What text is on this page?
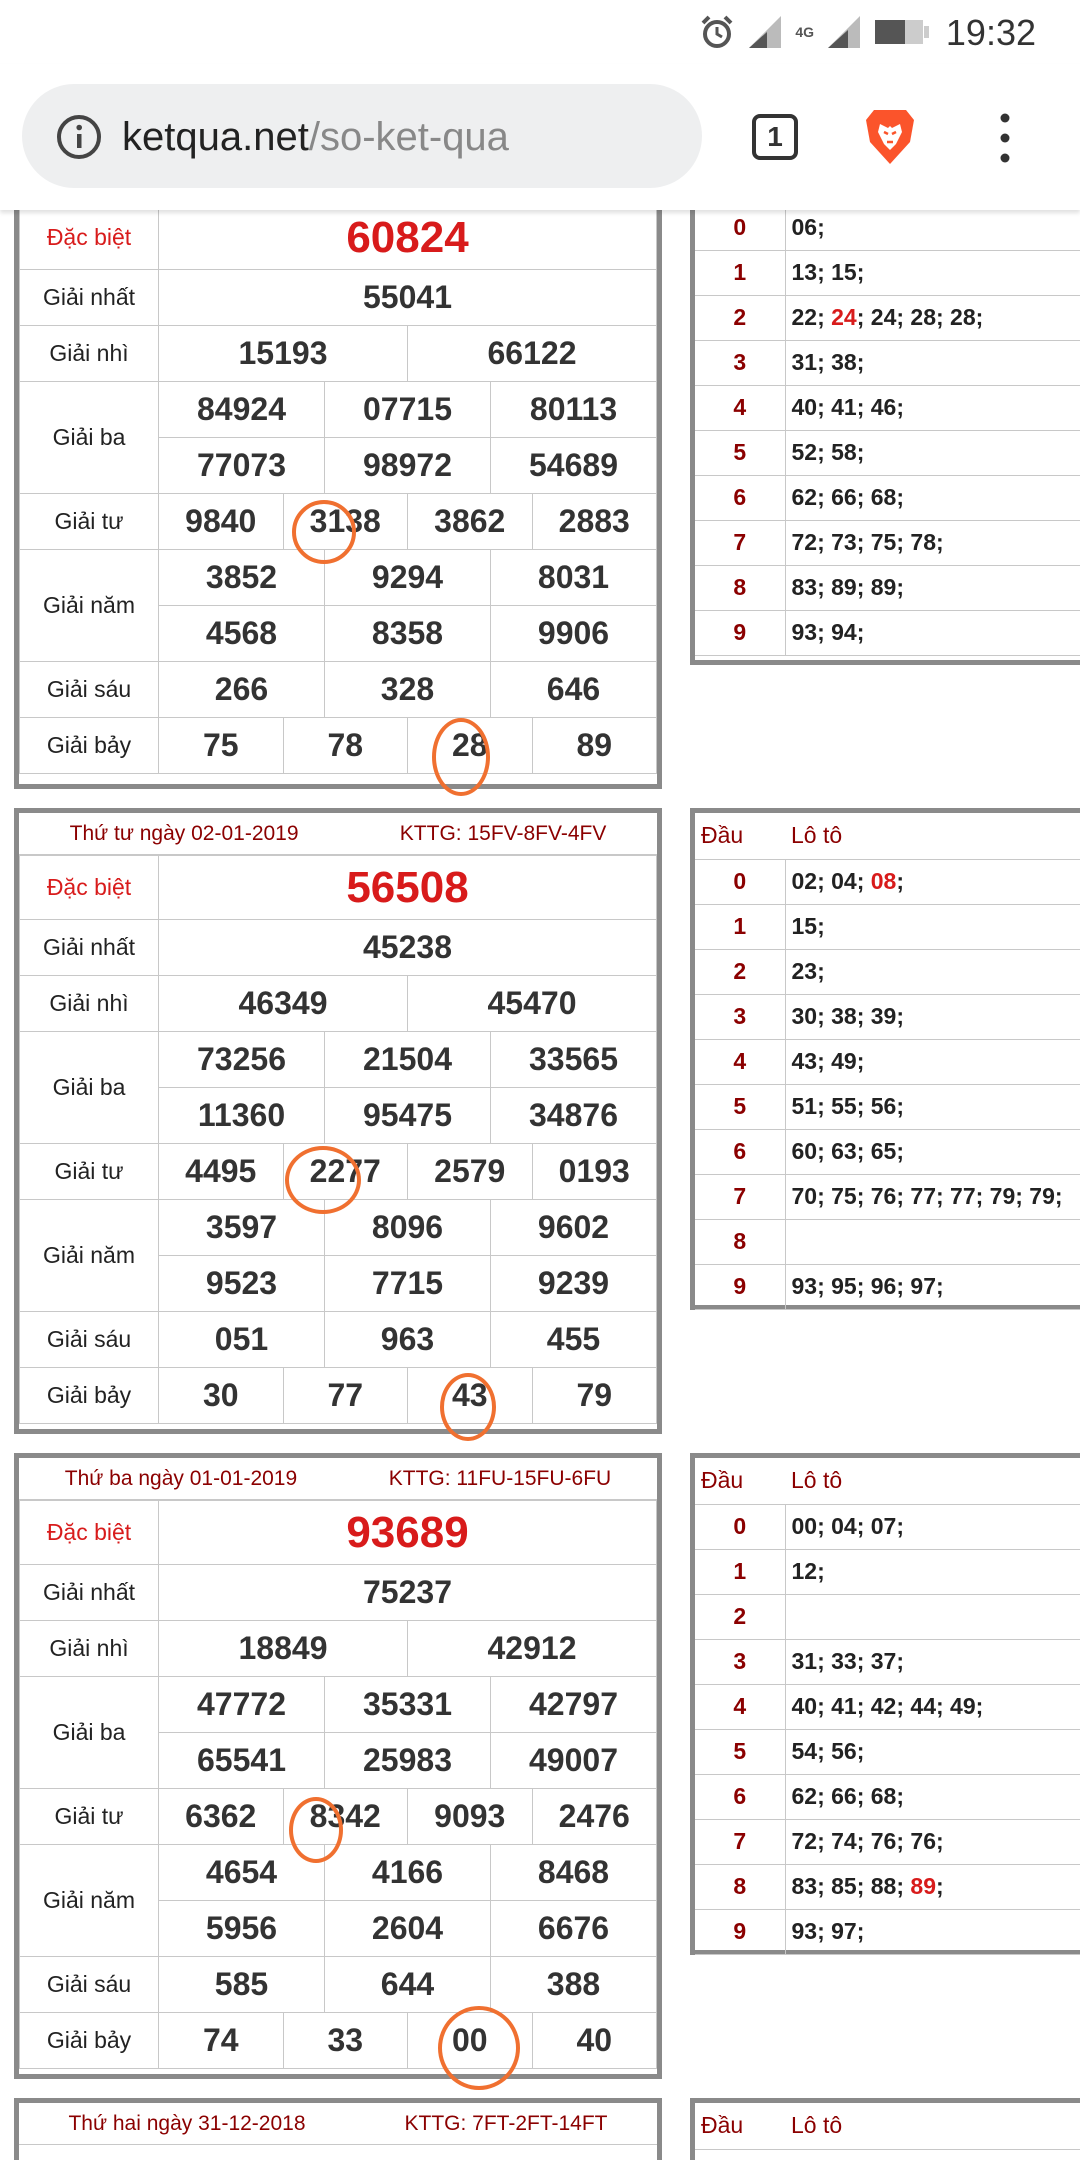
4G	19:32
ketqua.net/so-ket-qua	1
Đặc biệt	60824					
Giải nhất	55041					
Giải nhì	15193			66122		
Giải ba	84924		07715		80113	
	77073		98972		54689	
Giải tư	9840	3138		3862		2883
Giải năm	3852		9294		8031	
	4568		8358		9906	
Giải sáu	266		328		646	
Giải bảy	75	78		28		89
Thứ tư ngày 02-01-2019	KTTG: 15FV-8FV-4FV
Đặc biệt	56508					
Giải nhất	45238					
Giải nhì	46349			45470		
Giải ba	73256		21504		33565	
	11360		95475		34876	
Giải tư	4495	2277		2579		0193
Giải năm	3597		8096		9602	
	9523		7715		9239	
Giải sáu	051		963		455	
Giải bảy	30	77		43		79
Thứ ba ngày 01-01-2019	KTTG: 11FU-15FU-6FU
Đặc biệt	93689					
Giải nhất	75237					
Giải nhì	18849			42912		
Giải ba	47772		35331		42797	
	65541		25983		49007	
Giải tư	6362	8342		9093		2476
Giải năm	4654		4166		8468	
	5956		2604		6676	
Giải sáu	585		644		388	
Giải bảy	74	33		00		40
Thứ hai ngày 31-12-2018	KTTG: 7FT-2FT-14FT
0	06;
1	13; 15;
2	22; 24; 24; 28; 28;
3	31; 38;
4	40; 41; 46;
5	52; 58;
6	62; 66; 68;
7	72; 73; 75; 78;
8	83; 89; 89;
9	93; 94;
Đầu	Lô tô
0	02; 04; 08;
1	15;
2	23;
3	30; 38; 39;
4	43; 49;
5	51; 55; 56;
6	60; 63; 65;
7	70; 75; 76; 77; 77; 79; 79;
8	
9	93; 95; 96; 97;
Đầu	Lô tô
0	00; 04; 07;
1	12;
2	
3	31; 33; 37;
4	40; 41; 42; 44; 49;
5	54; 56;
6	62; 66; 68;
7	72; 74; 76; 76;
8	83; 85; 88; 89;
9	93; 97;
Đầu	Lô tô
